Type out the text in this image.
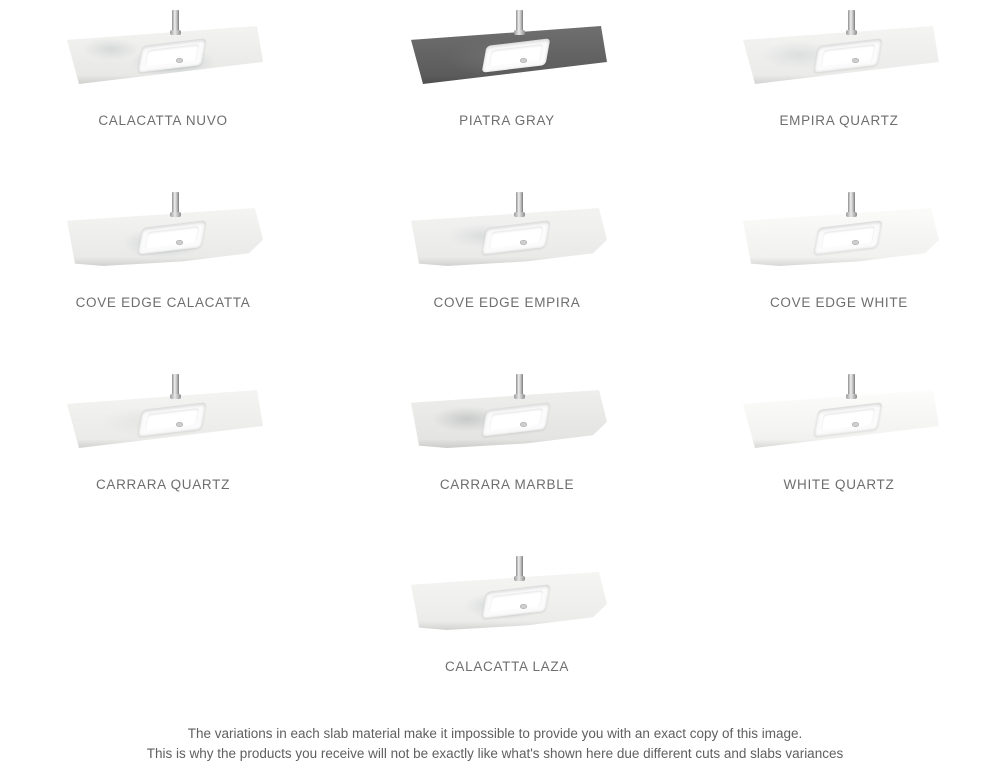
CALACATTA NUVO	PIATRA GRAY	EMPIRA QUARTZ
COVE EDGE CALACATTA	COVE EDGE EMPIRA	COVE EDGE WHITE
CARRARA QUARTZ	CARRARA MARBLE	WHITE QUARTZ
CALACATTA LAZA
The variations in each slab material make it impossible to provide you with an exact copy of this image.
This is why the products you receive will not be exactly like what's shown here due different cuts and slabs variances
